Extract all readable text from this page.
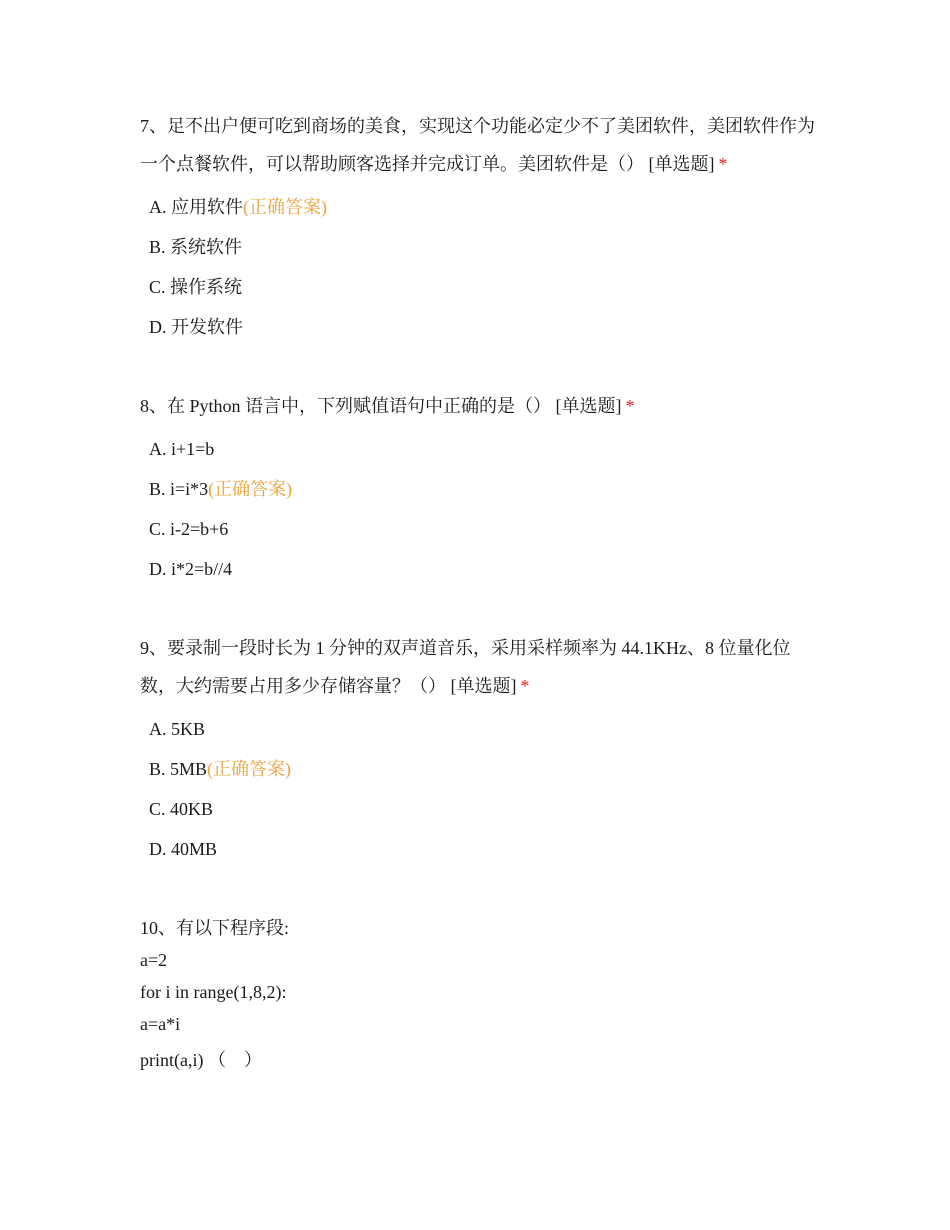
7、足不出户便可吃到商场的美食，实现这个功能必定少不了美团软件，美团软件作为一个点餐软件，可以帮助顾客选择并完成订单。美团软件是（） [单选题] *

A. 应用软件(正确答案)
B. 系统软件
C. 操作系统
D. 开发软件

8、在 Python 语言中，下列赋值语句中正确的是（） [单选题] *

A. i+1=b
B. i=i*3(正确答案)
C. i-2=b+6
D. i*2=b//4

9、要录制一段时长为 1 分钟的双声道音乐，采用采样频率为 44.1KHz、8 位量化位数，大约需要占用多少存储容量？（） [单选题] *

A. 5KB
B. 5MB(正确答案)
C. 40KB
D. 40MB

10、有以下程序段:

a=2

for i in range(1,8,2):

a=a*i

print(a,i) （    ）
